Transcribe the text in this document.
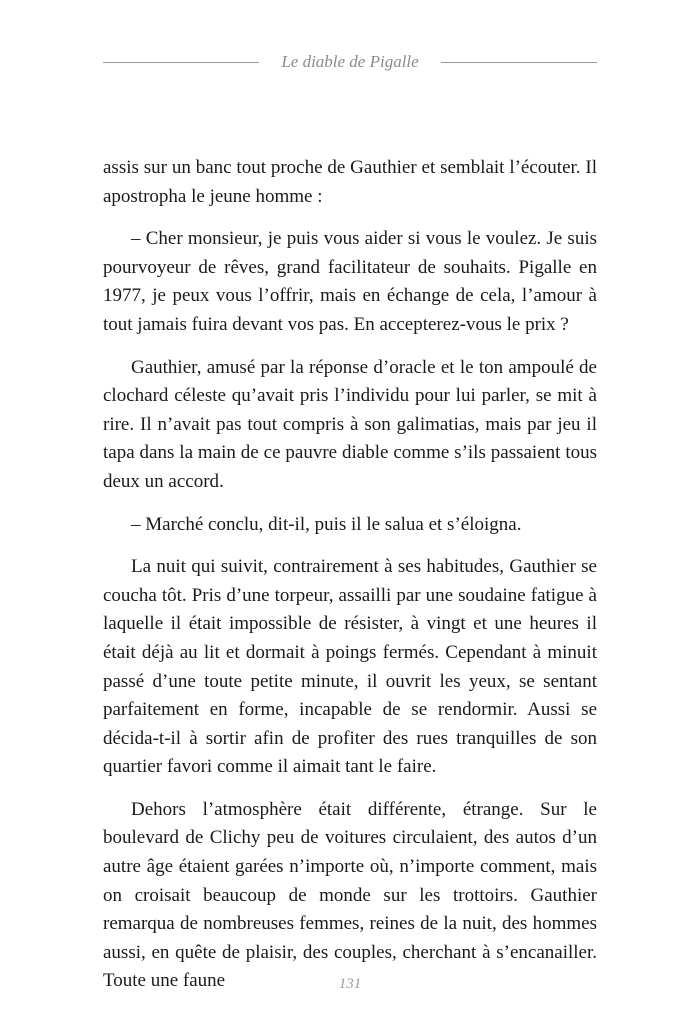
Le diable de Pigalle

assis sur un banc tout proche de Gauthier et semblait l’écouter. Il apostropha le jeune homme :

– Cher monsieur, je puis vous aider si vous le voulez. Je suis pourvoyeur de rêves, grand facilitateur de souhaits. Pigalle en 1977, je peux vous l’offrir, mais en échange de cela, l’amour à tout jamais fuira devant vos pas. En accepterez-vous le prix ?

Gauthier, amusé par la réponse d’oracle et le ton ampoulé de clochard céleste qu’avait pris l’individu pour lui parler, se mit à rire. Il n’avait pas tout compris à son galimatias, mais par jeu il tapa dans la main de ce pauvre diable comme s’ils passaient tous deux un accord.

– Marché conclu, dit-il, puis il le salua et s’éloigna.

La nuit qui suivit, contrairement à ses habitudes, Gauthier se coucha tôt. Pris d’une torpeur, assailli par une soudaine fatigue à laquelle il était impossible de résister, à vingt et une heures il était déjà au lit et dormait à poings fermés. Cependant à minuit passé d’une toute petite minute, il ouvrit les yeux, se sentant parfaitement en forme, incapable de se rendormir. Aussi se décida-t-il à sortir afin de profiter des rues tranquilles de son quartier favori comme il aimait tant le faire.

Dehors l’atmosphère était différente, étrange. Sur le boulevard de Clichy peu de voitures circulaient, des autos d’un autre âge étaient garées n’importe où, n’importe comment, mais on croisait beaucoup de monde sur les trottoirs. Gauthier remarqua de nombreuses femmes, reines de la nuit, des hommes aussi, en quête de plaisir, des couples, cherchant à s’encanailler. Toute une faune	131
